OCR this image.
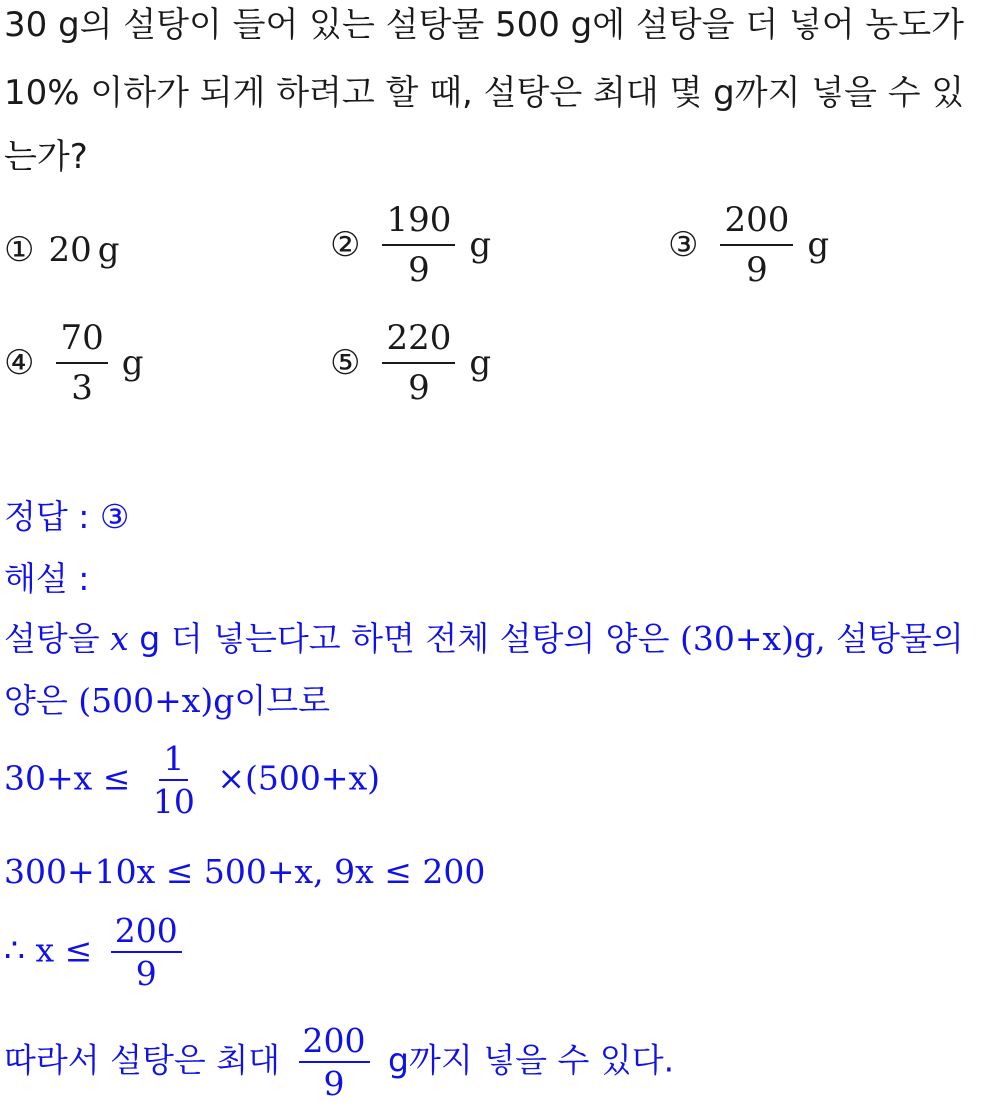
30 g의 설탕이 들어 있는 설탕물 500 g에 설탕을 더 넣어 농도가
10% 이하가 되게 하려고 할 때, 설탕은 최대 몇 g까지 넣을 수 있
는가?
① 20 g	② $\frac{190}{9}$ g	③ $\frac{200}{9}$ g
④ $\frac{70}{3}$ g	⑤ $\frac{220}{9}$ g
정답 : ③
해설 :
설탕을 x g 더 넣는다고 하면 전체 설탕의 양은 (30+x)g, 설탕물의
양은 (500+x)g이므로
$30+x \le \frac{1}{10} \times(500+x)$
300+10x ≤ 500+x, 9x ≤ 200
∴ $x \le \frac{200}{9}$
따라서 설탕은 최대 $\frac{200}{9}$ g까지 넣을 수 있다.
